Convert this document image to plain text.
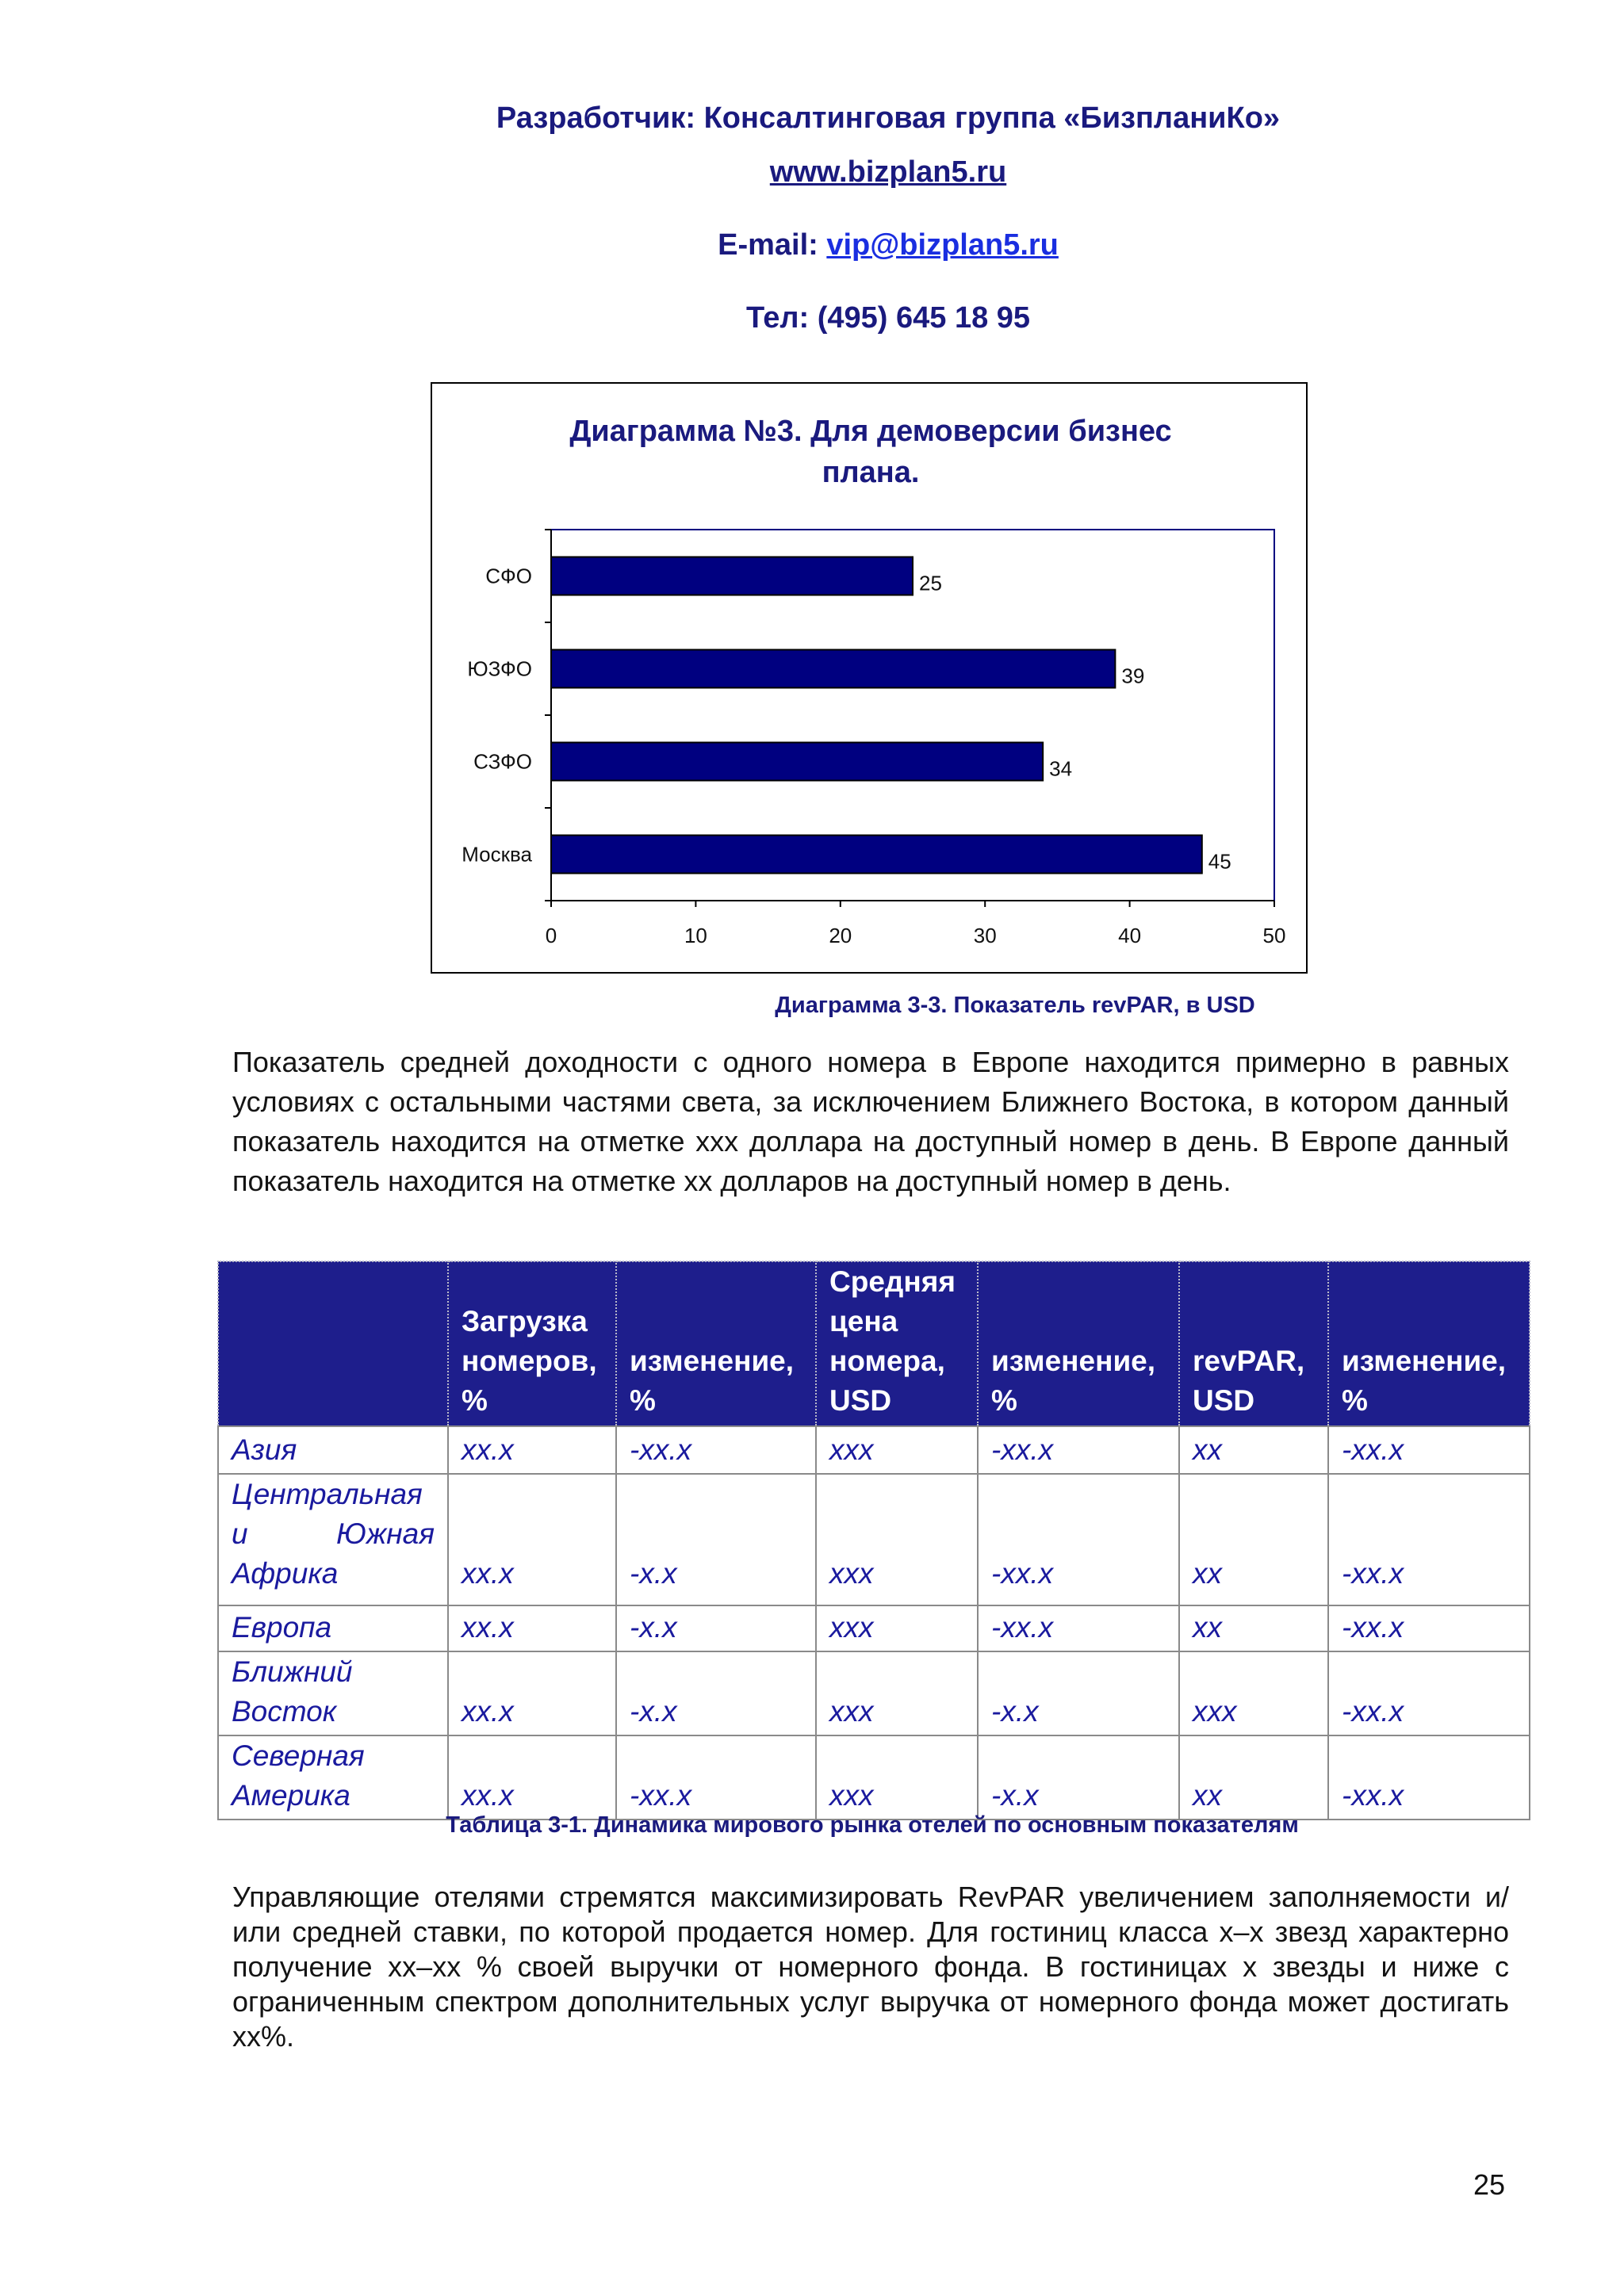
Разработчик: Консалтинговая группа «БизпланиКо»
www.bizplan5.ru
E-mail: vip@bizplan5.ru
Тел: (495) 645 18 95
Диаграмма №3. Для демоверсии бизнес
плана.
0	10	20	30	40	50
СФО	25
ЮЗФО	39
СЗФО	34
Москва	45
Диаграмма 3-3. Показатель revPAR, в USD
Показатель средней доходности с одного номера в Европе находится примерно в равных условиях с остальными частями света, за исключением Ближнего Востока, в котором данный показатель находится на отметке ххх доллара на доступный номер в день. В Европе данный показатель находится на отметке хх долларов на доступный номер в день.
	Загрузка номеров, %	изменение, %	Средняя цена номера, USD	изменение, %	revPAR, USD	изменение, %
Азия	xx.x	-xx.x	xxx	-xx.x	xx	-xx.x
Центральная и Южная Африка	xx.x	-x.x	xxx	-xx.x	xx	-xx.x
Европа	xx.x	-x.x	xxx	-xx.x	xx	-xx.x
Ближний Восток	xx.x	-x.x	xxx	-x.x	xxx	-xx.x
Северная Америка	xx.x	-xx.x	xxx	-x.x	xx	-xx.x
Таблица 3-1. Динамика мирового рынка отелей по основным показателям
Управляющие отелями стремятся максимизировать RevPAR увеличением заполняемости и/или средней ставки, по которой продается номер. Для гостиниц класса х–х звезд характерно получение хх–хх % своей выручки от номерного фонда. В гостиницах х звезды и ниже с ограниченным спектром дополнительных услуг выручка от номерного фонда может достигать хх%.
25
